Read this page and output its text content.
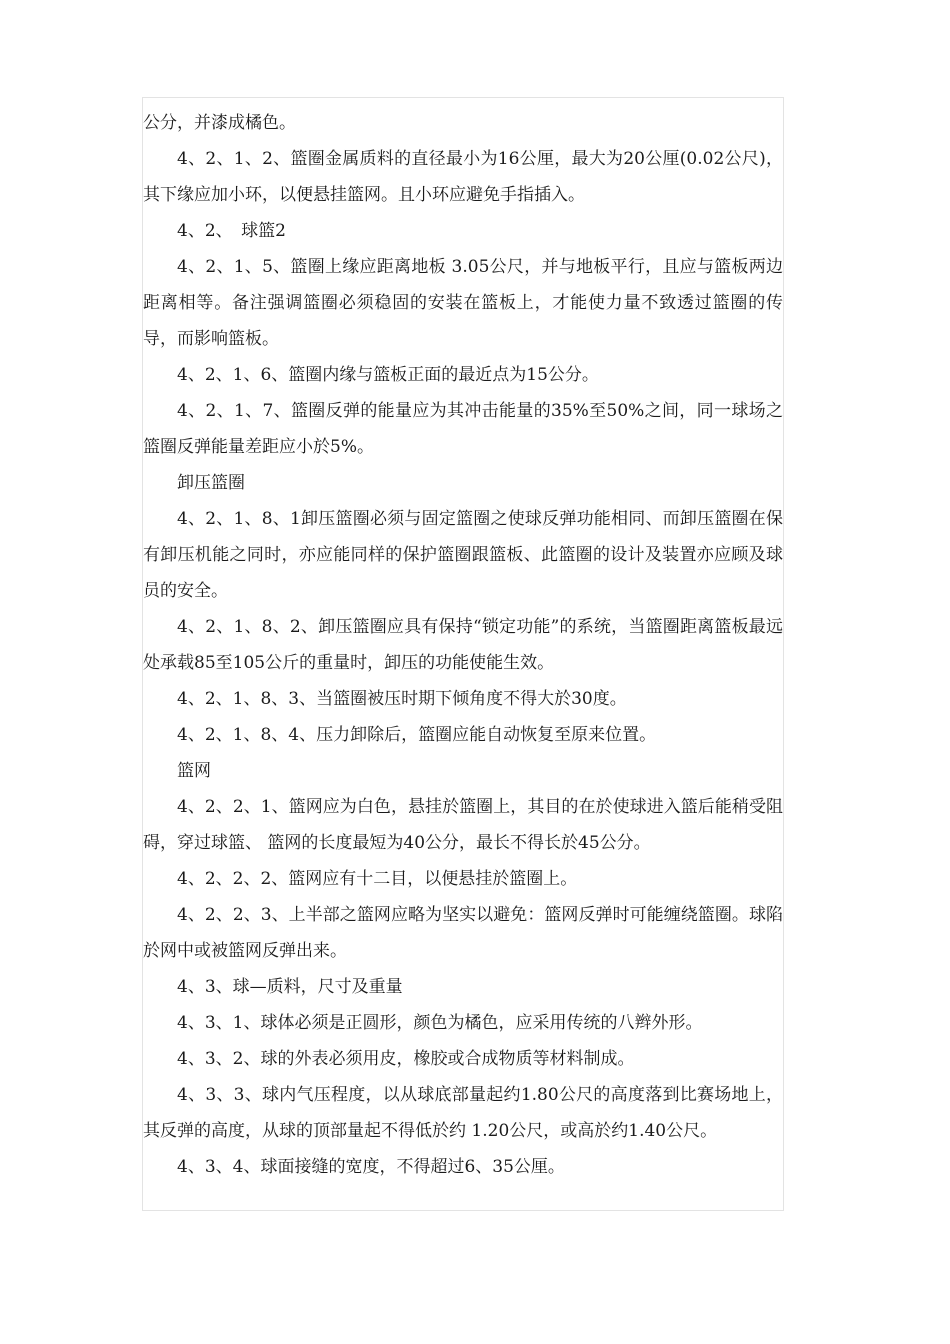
公分，并漆成橘色。

4、2、1、2、篮圈金属质料的直径最小为16公厘，最大为20公厘(0.02公尺)，其下缘应加小环，以便悬挂篮网。且小环应避免手指插入。

4、2、　球篮2

4、2、1、5、篮圈上缘应距离地板 3.05公尺，并与地板平行，且应与篮板两边距离相等。备注强调篮圈必须稳固的安装在篮板上，才能使力量不致透过篮圈的传导，而影响篮板。

4、2、1、6、篮圈内缘与篮板正面的最近点为15公分。

4、2、1、7、篮圈反弹的能量应为其冲击能量的35%至50%之间，同一球场之篮圈反弹能量差距应小於5%。

卸压篮圈

4、2、1、8、1卸压篮圈必须与固定篮圈之使球反弹功能相同、而卸压篮圈在保有卸压机能之同时，亦应能同样的保护篮圈跟篮板、此篮圈的设计及装置亦应顾及球员的安全。

4、2、1、8、2、卸压篮圈应具有保持“锁定功能”的系统，当篮圈距离篮板最远处承载85至105公斤的重量时，卸压的功能使能生效。

4、2、1、8、3、当篮圈被压时期下倾角度不得大於30度。

4、2、1、8、4、压力卸除后，篮圈应能自动恢复至原来位置。

篮网

4、2、2、1、篮网应为白色，悬挂於篮圈上，其目的在於使球进入篮后能稍受阻碍，穿过球篮、 篮网的长度最短为40公分，最长不得长於45公分。

4、2、2、2、篮网应有十二目，以便悬挂於篮圈上。

4、2、2、3、上半部之篮网应略为坚实以避免：篮网反弹时可能缠绕篮圈。球陷於网中或被篮网反弹出来。

4、3、球—质料，尺寸及重量

4、3、1、球体必须是正圆形，颜色为橘色，应采用传统的八辫外形。

4、3、2、球的外表必须用皮，橡胶或合成物质等材料制成。

4、3、3、球内气压程度，以从球底部量起约1.80公尺的高度落到比赛场地上，其反弹的高度，从球的顶部量起不得低於约 1.20公尺，或高於约1.40公尺。

4、3、4、球面接缝的宽度，不得超过6、35公厘。
